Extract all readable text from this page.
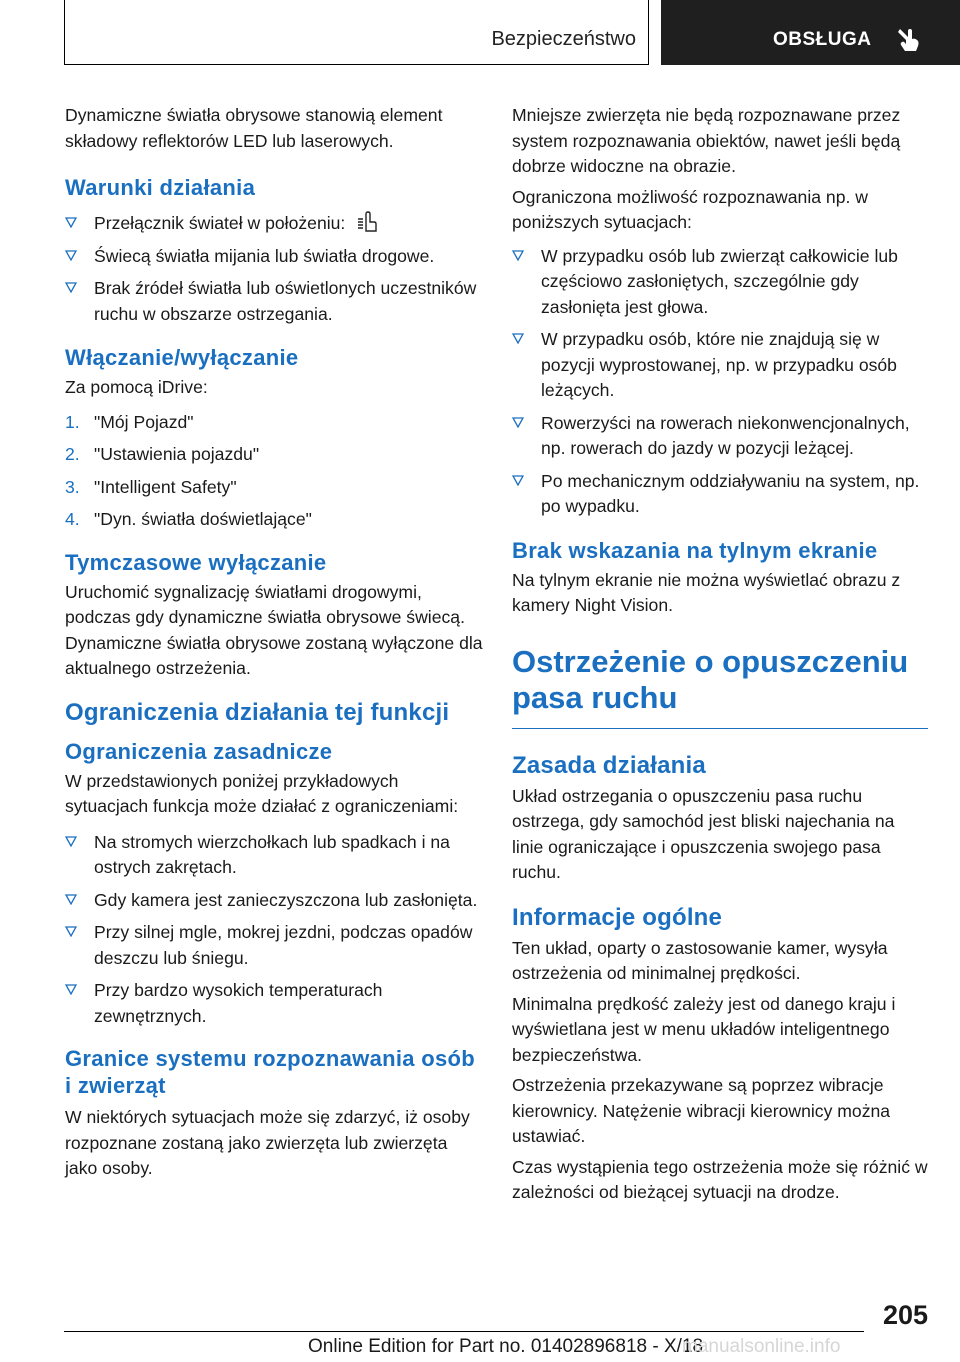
Bezpieczeństwo	OBSŁUGA

Dynamiczne światła obrysowe stanowią element składowy reflektorów LED lub laserowych.

Warunki działania
Przełącznik świateł w położeniu:
Świecą światła mijania lub światła drogowe.
Brak źródeł światła lub oświetlonych uczestników ruchu w obszarze ostrzegania.
Włączanie/wyłączanie

Za pomocą iDrive:

1. "Mój Pojazd"
2. "Ustawienia pojazdu"
3. "Intelligent Safety"
4. "Dyn. światła doświetlające"
Tymczasowe wyłączanie

Uruchomić sygnalizację światłami drogowymi, podczas gdy dynamiczne światła obrysowe świecą. Dynamiczne światła obrysowe zostaną wyłączone dla aktualnego ostrzeżenia.

Ograniczenia działania tej funkcji
Ograniczenia zasadnicze

W przedstawionych poniżej przykładowych sytuacjach funkcja może działać z ograniczeniami:

Na stromych wierzchołkach lub spadkach i na ostrych zakrętach.
Gdy kamera jest zanieczyszczona lub zasłonięta.
Przy silnej mgle, mokrej jezdni, podczas opadów deszczu lub śniegu.
Przy bardzo wysokich temperaturach zewnętrznych.
Granice systemu rozpoznawania osób i zwierząt

W niektórych sytuacjach może się zdarzyć, iż osoby rozpoznane zostaną jako zwierzęta lub zwierzęta jako osoby.

Mniejsze zwierzęta nie będą rozpoznawane przez system rozpoznawania obiektów, nawet jeśli będą dobrze widoczne na obrazie.

Ograniczona możliwość rozpoznawania np. w poniższych sytuacjach:

W przypadku osób lub zwierząt całkowicie lub częściowo zasłoniętych, szczególnie gdy zasłonięta jest głowa.
W przypadku osób, które nie znajdują się w pozycji wyprostowanej, np. w przypadku osób leżących.
Rowerzyści na rowerach niekonwencjonalnych, np. rowerach do jazdy w pozycji leżącej.
Po mechanicznym oddziaływaniu na system, np. po wypadku.
Brak wskazania na tylnym ekranie

Na tylnym ekranie nie można wyświetlać obrazu z kamery Night Vision.

Ostrzeżenie o opuszczeniu pasa ruchu
Zasada działania

Układ ostrzegania o opuszczeniu pasa ruchu ostrzega, gdy samochód jest bliski najechania na linie ograniczające i opuszczenia swojego pasa ruchu.

Informacje ogólne

Ten układ, oparty o zastosowanie kamer, wysyła ostrzeżenia od minimalnej prędkości.

Minimalna prędkość zależy jest od danego kraju i wyświetlana jest w menu układów inteligentnego bezpieczeństwa.

Ostrzeżenia przekazywane są poprzez wibracje kierownicy. Natężenie wibracji kierownicy można ustawiać.

Czas wystąpienia tego ostrzeżenia może się różnić w zależności od bieżącej sytuacji na drodze.

205
Online Edition for Part no. 01402896818 - X/18
manualsonline.info
